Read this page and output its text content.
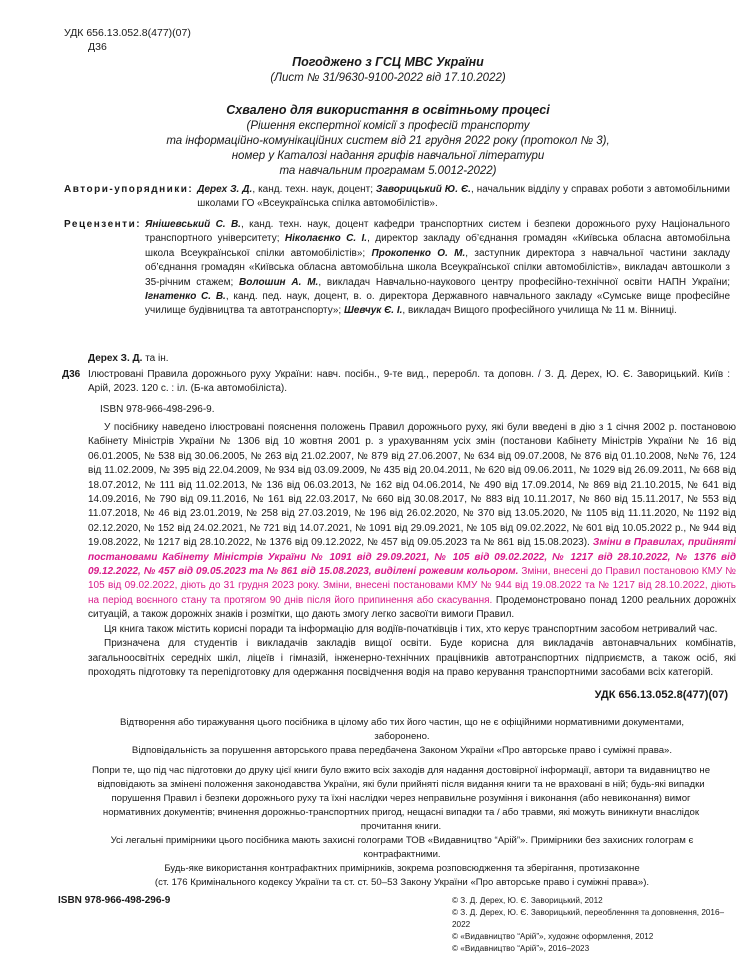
УДК 656.13.052.8(477)(07)
Д36
Погоджено з ГСЦ МВС України
(Лист № 31/9630-9100-2022 від 17.10.2022)
Схвалено для використання в освітньому процесі
(Рішення експертної комісії з професій транспорту
та інформаційно-комунікаційних систем від 21 грудня 2022 року (протокол № 3),
номер у Каталозі надання грифів навчальної літератури
та навчальним програмам 5.0012-2022)
Автори-упорядники: Дерех З. Д., канд. техн. наук, доцент; Заворицький Ю. Є., начальник відділу у справах роботи з автомобільними школами ГО «Всеукраїнська спілка автомобілістів».
Рецензенти: Янішевський С. В., канд. техн. наук, доцент кафедри транспортних систем і безпеки дорожнього руху Національного транспортного університету; Ніколаєнко С. І., директор закладу об’єднання громадян «Київська обласна автомобільна школа Всеукраїнської спілки автомобілістів»; Прокопенко О. М., заступник директора з навчальної частини закладу об’єднання громадян «Київська обласна автомобільна школа Всеукраїнської спілки автомобілістів», викладач автошколи з 35-річним стажем; Волошин А. М., викладач Навчально-наукового центру професійно-технічної освіти НАПН України; Ігнатенко С. В., канд. пед. наук, доцент, в. о. директора Державного навчального закладу «Сумське вище професійне училище будівництва та автотранспорту»; Шевчук Є. І., викладач Вищого професійного училища № 11 м. Вінниці.
Дерех З. Д. та ін.
Д36 Ілюстровані Правила дорожнього руху України: навч. посібн., 9-те вид., переробл. та доповн. / З. Д. Дерех, Ю. Є. Заворицький. Київ : Арій, 2023. 120 с. : іл. (Б-ка автомобіліста).
ISBN 978-966-498-296-9.

У посібнику наведено ілюстровані пояснення положень Правил дорожнього руху, які були введені в дію з 1 січня 2002 р. постановою Кабінету Міністрів України № 1306 від 10 жовтня 2001 р. з урахуванням усіх змін (постанови Кабінету Міністрів України № 16 від 06.01.2005, № 538 від 30.06.2005, № 263 від 21.02.2007, № 879 від 27.06.2007, № 634 від 09.07.2008, № 876 від 01.10.2008, №№ 76, 124 від 11.02.2009, № 395 від 22.04.2009, № 934 від 03.09.2009, № 435 від 20.04.2011, № 620 від 09.06.2011, № 1029 від 26.09.2011, № 668 від 18.07.2012, № 111 від 11.02.2013, № 136 від 06.03.2013, № 162 від 04.06.2014, № 490 від 17.09.2014, № 869 від 21.10.2015, № 641 від 14.09.2016, № 790 від 09.11.2016, № 161 від 22.03.2017, № 660 від 30.08.2017, № 883 від 10.11.2017, № 860 від 15.11.2017, № 553 від 11.07.2018, № 46 від 23.01.2019, № 258 від 27.03.2019, № 196 від 26.02.2020, № 370 від 13.05.2020, № 1105 від 11.11.2020, № 1192 від 02.12.2020, № 152 від 24.02.2021, № 721 від 14.07.2021, № 1091 від 29.09.2021, № 105 від 09.02.2022, № 601 від 10.05.2022 р., № 944 від 19.08.2022, № 1217 від 28.10.2022, № 1376 від 09.12.2022, № 457 від 09.05.2023 та № 861 від 15.08.2023). Зміни в Правилах, прийняті постановами Кабінету Міністрів України № 1091 від 29.09.2021, № 105 від 09.02.2022, № 1217 від 28.10.2022, № 1376 від 09.12.2022, № 457 від 09.05.2023 та № 861 від 15.08.2023, виділені рожевим кольором. Зміни, внесені до Правил постановою КМУ № 105 від 09.02.2022, діють до 31 грудня 2023 року. Зміни, внесені постановами КМУ № 944 від 19.08.2022 та № 1217 від 28.10.2022, діють на період воєнного стану та протягом 90 днів після його припинення або скасування. Продемонстровано понад 1200 реальних дорожніх ситуацій, а також дорожніх знаків і розмітки, що дають змогу легко засвоїти вимоги Правил.

Ця книга також містить корисні поради та інформацію для водіїв-початківців і тих, хто керує транспортним засобом нетривалий час.

Призначена для студентів і викладачів закладів вищої освіти. Буде корисна для викладачів автонавчальних комбінатів, загальноосвітніх середніх шкіл, ліцеїв і гімназій, інженерно-технічних працівників автотранспортних підприємств, а також осіб, які проходять підготовку та перепідготовку для одержання посвідчення водія на право керування транспортними засобами всіх категорій.

УДК 656.13.052.8(477)(07)
Відтворення або тиражування цього посібника в цілому або тих його частин, що не є офіційними нормативними документами, заборонено.
Відповідальність за порушення авторського права передбачена Законом України «Про авторське право і суміжні права».
Попри те, що під час підготовки до друку цієї книги було вжито всіх заходів для надання достовірної інформації, автори та видавництво не відповідають за змінені положення законодавства України, які були прийняті після видання книги та не враховані в ній; будь-які випадки порушення Правил і безпеки дорожнього руху та їхні наслідки через неправильне розуміння і виконання (або невиконання) вимог нормативних документів; вчинення дорожньо-транспортних пригод, нещасні випадки та / або травми, які можуть виникнути внаслідок прочитання книги.
Усі легальні примірники цього посібника мають захисні голограми ТОВ «Видавництво “Арій”». Примірники без захисних голограм є контрафактними.
Будь-яке використання контрафактних примірників, зокрема розповсюдження та зберігання, протизаконне
(ст. 176 Кримінального кодексу України та ст. ст. 50–53 Закону України «Про авторське право і суміжні права»).
ISBN 978-966-498-296-9	© З. Д. Дерех, Ю. Є. Заворицький, 2012
© З. Д. Дерех, Ю. Є. Заворицький, переобленння та доповнення, 2016–2022
© «Видавництво “Арій”», художнє оформлення, 2012
© «Видавництво “Арій”», 2016–2023
